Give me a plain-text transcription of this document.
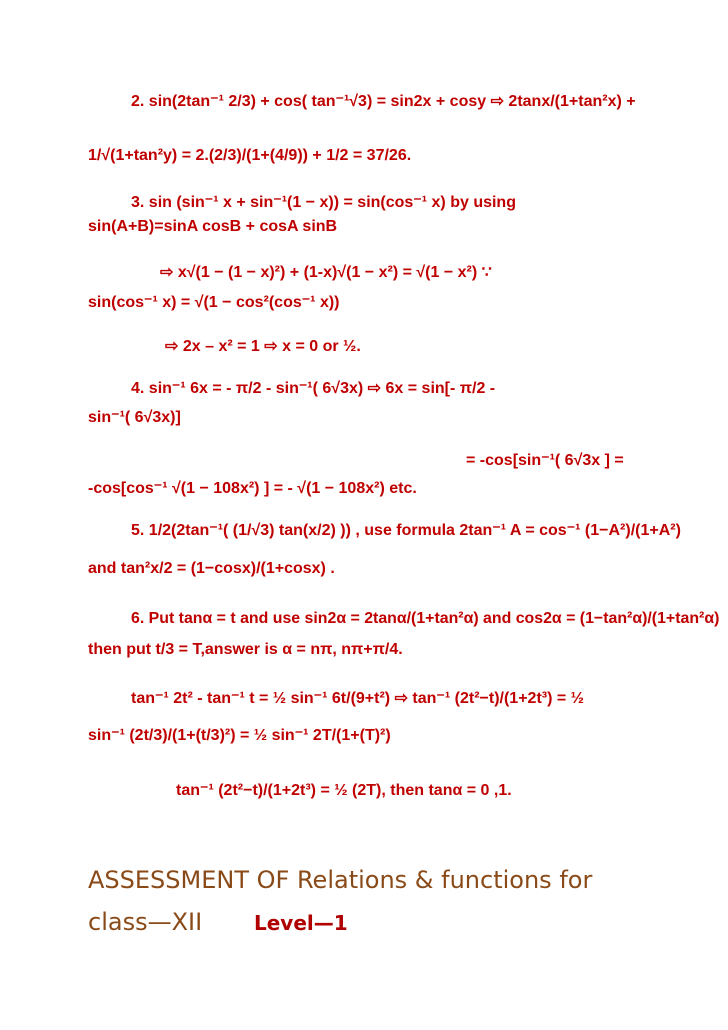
2. sin(2tan⁻¹ 2/3) + cos( tan⁻¹√3) = sin2x + cosy ⇨ 2tanx/(1+tan²x) +
1/√(1+tan²y) = 2.(2/3)/(1+(4/9)) + 1/2 = 37/26.
3. sin (sin⁻¹ x + sin⁻¹(1 − x)) = sin(cos⁻¹ x) by using
sin(A+B)=sinA cosB + cosA sinB
⇨ x√(1 − (1 − x)²) + (1-x)√(1 − x²) = √(1 − x²) ∵
sin(cos⁻¹ x) = √(1 − cos²(cos⁻¹ x))
⇨ 2x – x² = 1 ⇨ x = 0 or ½.
4. sin⁻¹ 6x = - π/2 - sin⁻¹( 6√3x) ⇨ 6x = sin[- π/2 -
sin⁻¹( 6√3x)]
= -cos[sin⁻¹( 6√3x ] =
-cos[cos⁻¹ √(1 − 108x²) ] = - √(1 − 108x²) etc.
5. 1/2(2tan⁻¹( (1/√3) tan(x/2) )) , use formula 2tan⁻¹ A = cos⁻¹ (1−A²)/(1+A²)
and tan²x/2 = (1−cosx)/(1+cosx) .
6. Put tanα = t and use sin2α = 2tanα/(1+tan²α) and cos2α = (1−tan²α)/(1+tan²α)
then put t/3 = T,answer is α = nπ, nπ+π/4.
tan⁻¹ 2t² - tan⁻¹ t = ½ sin⁻¹ 6t/(9+t²) ⇨ tan⁻¹ (2t²−t)/(1+2t³) = ½
sin⁻¹ (2t/3)/(1+(t/3)²) = ½ sin⁻¹ 2T/(1+(T)²)
tan⁻¹ (2t²−t)/(1+2t³) = ½ (2T), then tanα = 0 ,1.
ASSESSMENT OF Relations & functions for
class—XII	Level—1
